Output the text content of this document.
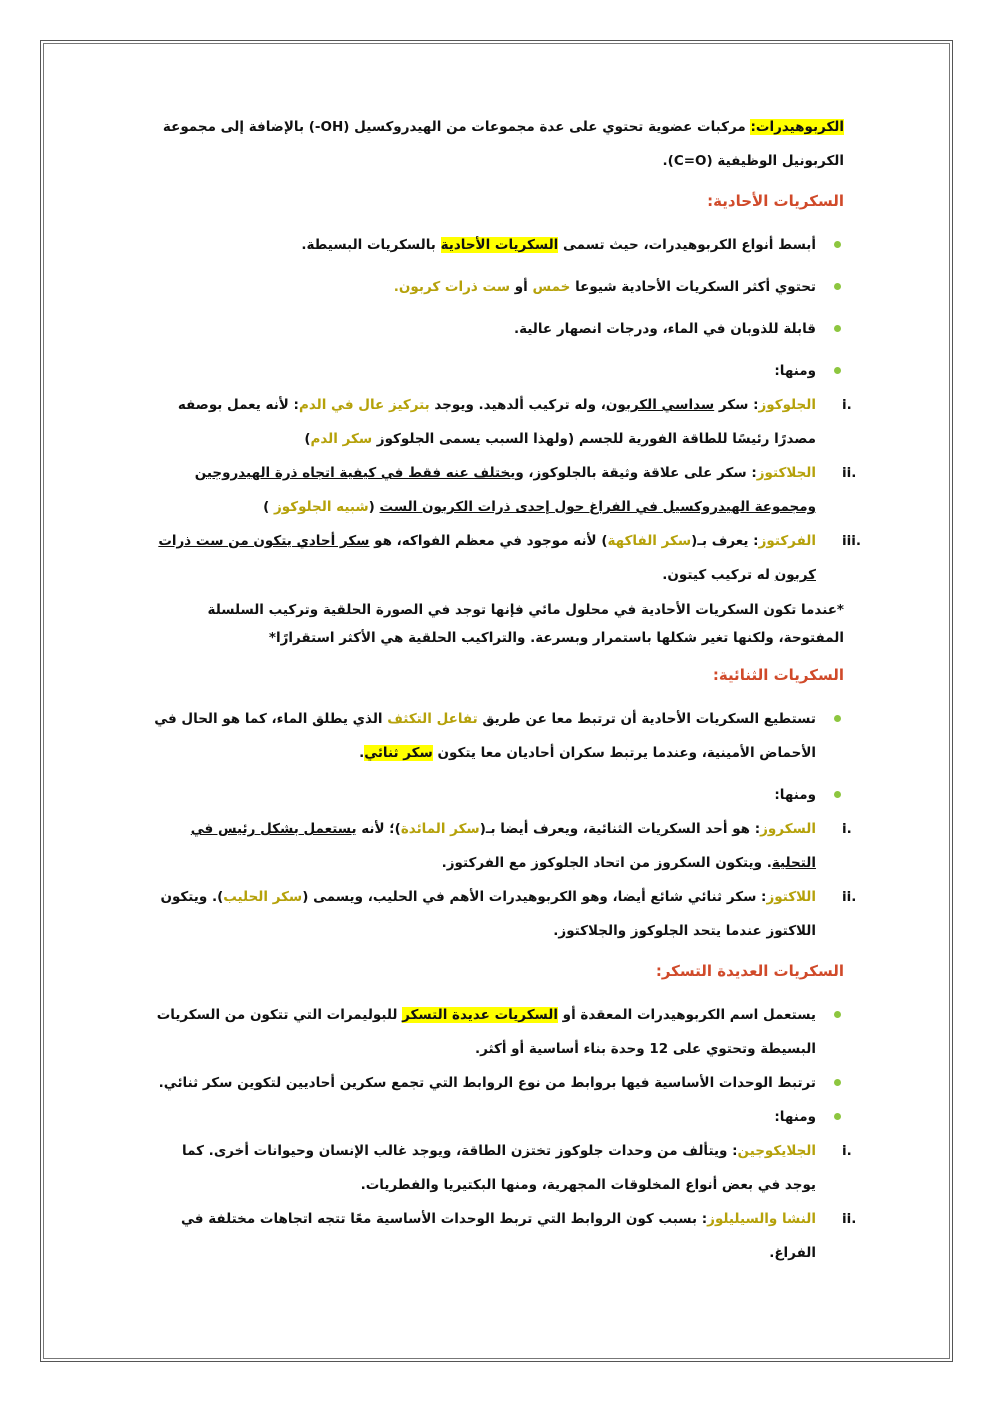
الكربوهيدرات: مركبات عضوية تحتوي على عدة مجموعات من الهيدروكسيل (OH-) بالإضافة إلى مجموعة الكربونيل الوظيفية (C=O).

السكريات الأحادية:
أبسط أنواع الكربوهيدرات، حيث تسمى السكريات الأحادية بالسكريات البسيطة.
تحتوي أكثر السكريات الأحادية شيوعا خمس أو ست ذرات كربون.
قابلة للذوبان في الماء، ودرجات انصهار عالية.
ومنها:
i.
الجلوكوز: سكر سداسي الكربون، وله تركيب ألدهيد. ويوجد بتركيز عال في الدم: لأنه يعمل بوصفه مصدرًا رئيسًا للطاقة الفورية للجسم (ولهذا السبب يسمى الجلوكوز سكر الدم)
ii.
الجلاكتوز: سكر على علاقة وثيقة بالجلوكوز، ويختلف عنه فقط في كيفية اتجاه ذرة الهيدروجين ومجموعة الهيدروكسيل في الفراغ حول إحدى ذرات الكربون الست (شبيه الجلوكوز )
iii.
الفركتوز: يعرف بـ(سكر الفاكهة) لأنه موجود في معظم الفواكه، هو سكر أحادي يتكون من ست ذرات كربون له تركيب كيتون.

*عندما تكون السكريات الأحادية في محلول مائي فإنها توجد في الصورة الحلقية وتركيب السلسلة المفتوحة، ولكنها تغير شكلها باستمرار وبسرعة. والتراكيب الحلقية هي الأكثر استقرارًا*

السكريات الثنائية:
تستطيع السكريات الأحادية أن ترتبط معا عن طريق تفاعل التكثف الذي يطلق الماء، كما هو الحال في الأحماض الأمينية، وعندما يرتبط سكران أحاديان معا يتكون سكر ثنائي.
ومنها:
i.
السكروز: هو أحد السكريات الثنائية، ويعرف أيضا بـ(سكر المائدة)؛ لأنه يستعمل بشكل رئيس في التحلية. ويتكون السكروز من اتحاد الجلوكوز مع الفركتوز.
ii.
اللاكتوز: سكر ثنائي شائع أيضا، وهو الكربوهيدرات الأهم في الحليب، ويسمى (سكر الحليب). ويتكون اللاكتوز عندما يتحد الجلوكوز والجلاكتوز.
السكريات العديدة التسكر:
يستعمل اسم الكربوهيدرات المعقدة أو السكريات عديدة التسكر للبوليمرات التي تتكون من السكريات البسيطة وتحتوي على 12 وحدة بناء أساسية أو أكثر.
ترتبط الوحدات الأساسية فيها بروابط من نوع الروابط التي تجمع سكرين أحاديين لتكوين سكر ثنائي.
ومنها:
i.
الجلايكوجين: ويتألف من وحدات جلوكوز تختزن الطاقة، ويوجد غالب الإنسان وحيوانات أخرى. كما يوجد في بعض أنواع المخلوقات المجهرية، ومنها البكتيريا والفطريات.
ii.
النشا والسيليلوز: بسبب كون الروابط التي تربط الوحدات الأساسية معًا تتجه اتجاهات مختلفة في الفراغ.
